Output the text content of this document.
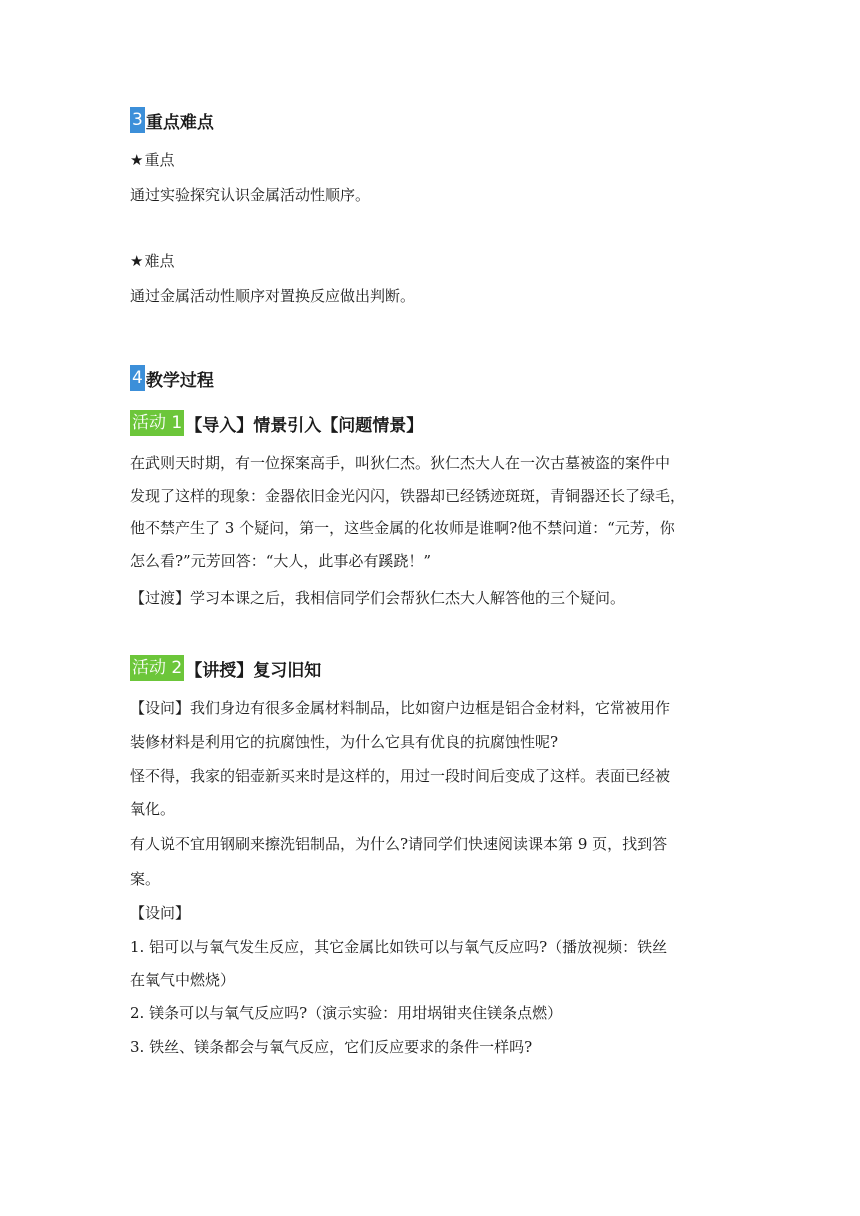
3 重点难点
★重点
通过实验探究认识金属活动性顺序。
★难点
通过金属活动性顺序对置换反应做出判断。
4 教学过程
活动 1 【导入】情景引入【问题情景】
在武则天时期，有一位探案高手，叫狄仁杰。狄仁杰大人在一次古墓被盗的案件中
发现了这样的现象：金器依旧金光闪闪，铁器却已经锈迹斑斑，青铜器还长了绿毛，
他不禁产生了 3 个疑问，第一，这些金属的化妆师是谁啊?他不禁问道：“元芳，你
怎么看?”元芳回答：“大人，此事必有蹊跷！”
【过渡】学习本课之后，我相信同学们会帮狄仁杰大人解答他的三个疑问。
活动 2 【讲授】复习旧知
【设问】我们身边有很多金属材料制品，比如窗户边框是铝合金材料，它常被用作
装修材料是利用它的抗腐蚀性，为什么它具有优良的抗腐蚀性呢?
怪不得，我家的铝壶新买来时是这样的，用过一段时间后变成了这样。表面已经被
氧化。
有人说不宜用钢刷来擦洗铝制品，为什么?请同学们快速阅读课本第 9 页，找到答
案。
【设问】
1. 铝可以与氧气发生反应，其它金属比如铁可以与氧气反应吗?（播放视频：铁丝
在氧气中燃烧）
2. 镁条可以与氧气反应吗?（演示实验：用坩埚钳夹住镁条点燃）
3. 铁丝、镁条都会与氧气反应，它们反应要求的条件一样吗?
